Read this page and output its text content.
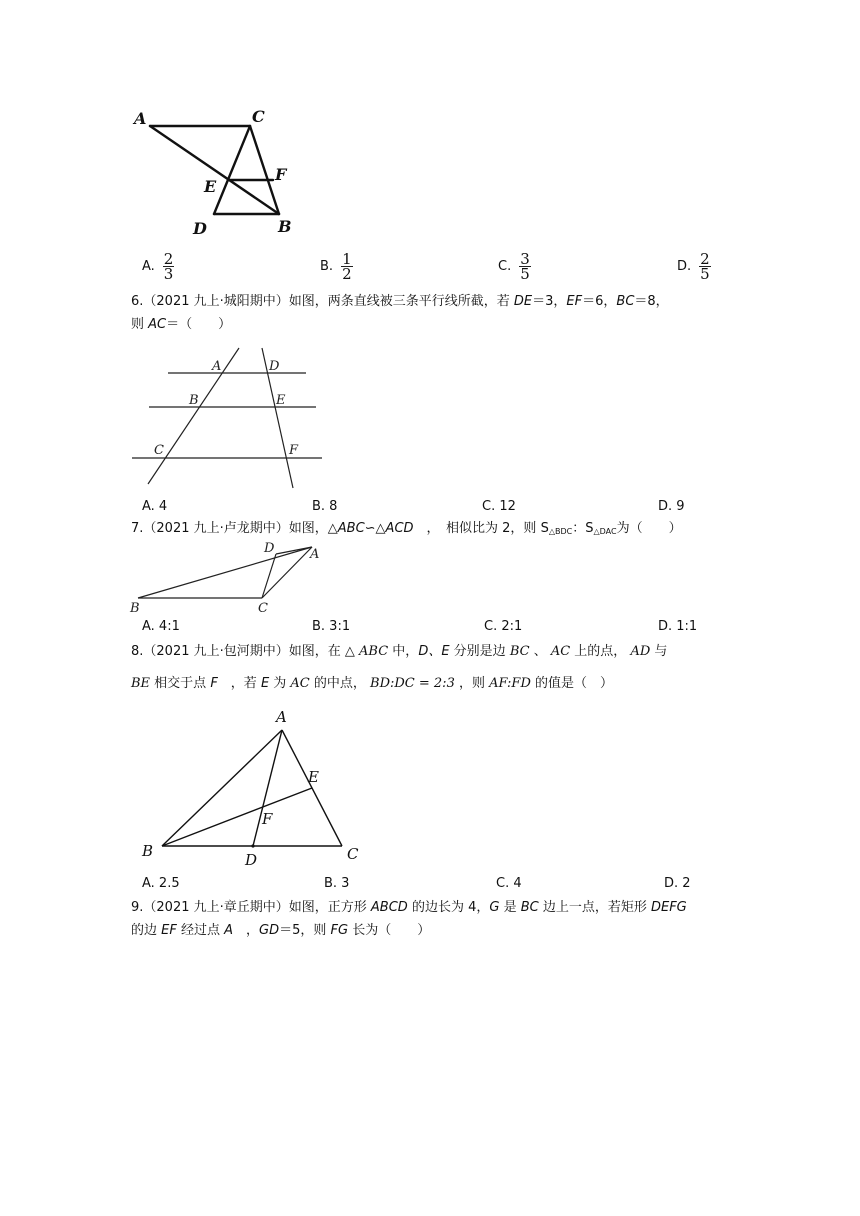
A	C
E
F
D	B
A. $\frac{2}{3}$	B. $\frac{1}{2}$	C. $\frac{3}{5}$	D. $\frac{2}{5}$
6.（2021 九上·城阳期中）如图，两条直线被三条平行线所截，若 DE＝3，EF＝6，BC＝8，
则 AC＝（　　）
A	D
B	E
C	F
A. 4	B. 8	C. 12	D. 9
7.（2021 九上·卢龙期中）如图，△ABC∽△ACD　，　相似比为 2，则 $S_{\triangle BDC}$：$S_{\triangle DAC}$为（　　）
D	A
B	C
A. 4:1	B. 3:1	C. 2:1	D. 1:1
8.（2021 九上·包河期中）如图，在 △ ABC 中，D、E 分别是边 BC 、 AC 上的点， AD 与
BE 相交于点 F　，若 E 为 AC 的中点， BD:DC = 2:3 ，则 AF:FD 的值是（　）
A
E
F
B	D	C
A. 2.5	B. 3	C. 4	D. 2
9.（2021 九上·章丘期中）如图，正方形 ABCD 的边长为 4，G 是 BC 边上一点，若矩形 DEFG
的边 EF 经过点 A　，GD＝5，则 FG 长为（　　）
